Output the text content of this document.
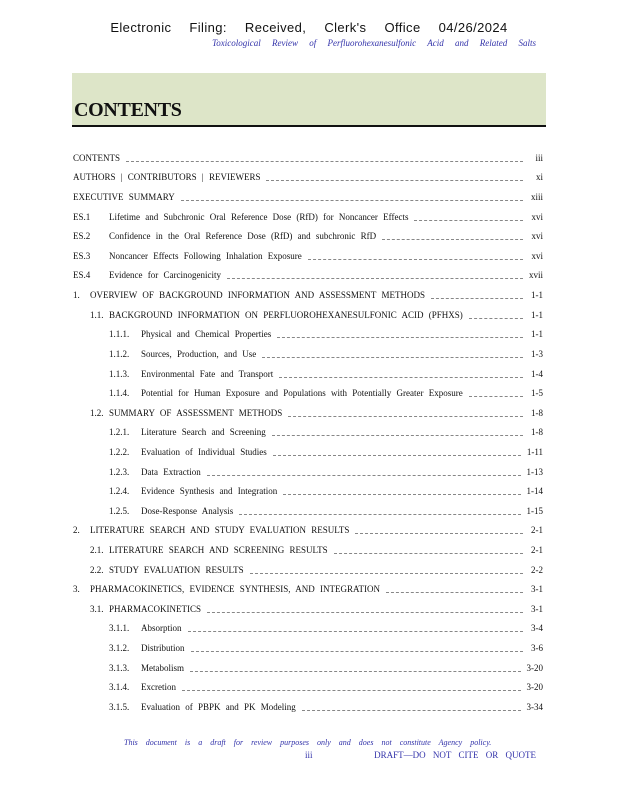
Electronic Filing: Received, Clerk's Office 04/26/2024
Toxicological Review of Perfluorohexanesulfonic Acid and Related Salts
CONTENTS
CONTENTS	iii
AUTHORS | CONTRIBUTORS | REVIEWERS	xi
EXECUTIVE SUMMARY	xiii
ES.1	Lifetime and Subchronic Oral Reference Dose (RfD) for Noncancer Effects	xvi
ES.2	Confidence in the Oral Reference Dose (RfD) and subchronic RfD	xvi
ES.3	Noncancer Effects Following Inhalation Exposure	xvi
ES.4	Evidence for Carcinogenicity	xvii
1.	OVERVIEW OF BACKGROUND INFORMATION AND ASSESSMENT METHODS	1-1
1.1. BACKGROUND INFORMATION ON PERFLUOROHEXANESULFONIC ACID (PFHXS)	1-1
1.1.1.	Physical and Chemical Properties	1-1
1.1.2.	Sources, Production, and Use	1-3
1.1.3.	Environmental Fate and Transport	1-4
1.1.4.	Potential for Human Exposure and Populations with Potentially Greater Exposure	1-5
1.2. SUMMARY OF ASSESSMENT METHODS	1-8
1.2.1.	Literature Search and Screening	1-8
1.2.2.	Evaluation of Individual Studies	1-11
1.2.3.	Data Extraction	1-13
1.2.4.	Evidence Synthesis and Integration	1-14
1.2.5.	Dose-Response Analysis	1-15
2.	LITERATURE SEARCH AND STUDY EVALUATION RESULTS	2-1
2.1. LITERATURE SEARCH AND SCREENING RESULTS	2-1
2.2. STUDY EVALUATION RESULTS	2-2
3.	PHARMACOKINETICS, EVIDENCE SYNTHESIS, AND INTEGRATION	3-1
3.1. PHARMACOKINETICS	3-1
3.1.1.	Absorption	3-4
3.1.2.	Distribution	3-6
3.1.3.	Metabolism	3-20
3.1.4.	Excretion	3-20
3.1.5.	Evaluation of PBPK and PK Modeling	3-34
This document is a draft for review purposes only and does not constitute Agency policy.
iii	DRAFT—DO NOT CITE OR QUOTE
